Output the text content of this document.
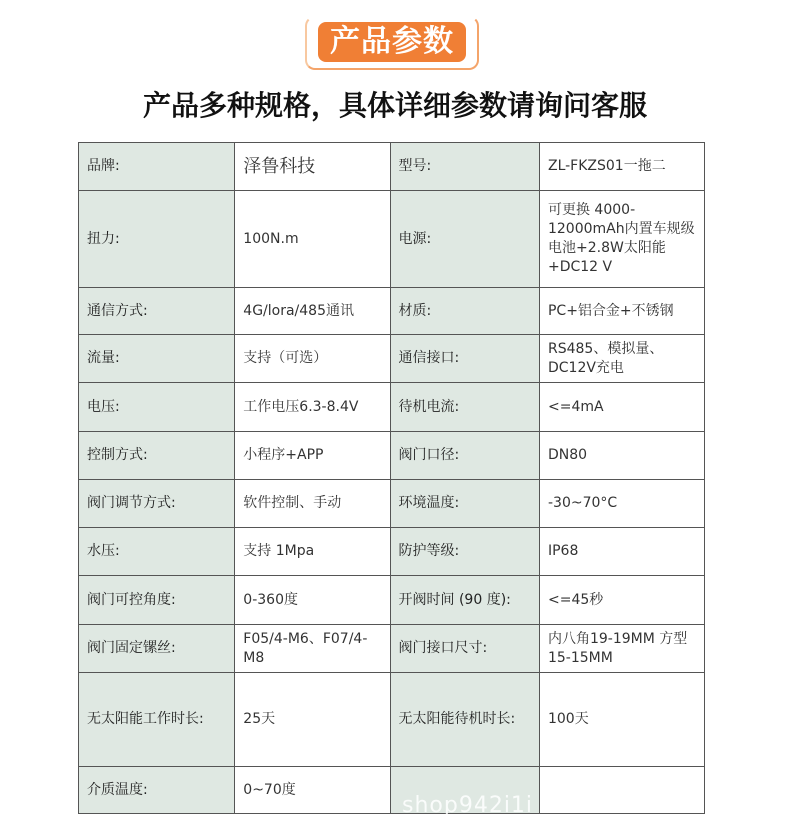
产品参数
产品多种规格，具体详细参数请询问客服
品牌:	泽鲁科技	型号:	ZL-FKZS01一拖二
扭力:	100N.m	电源:	可更换 4000-12000mAh内置车规级电池+2.8W太阳能+DC12 V
通信方式:	4G/lora/485通讯	材质:	PC+铝合金+不锈钢
流量:	支持（可选）	通信接口:	RS485、模拟量、DC12V充电
电压:	工作电压6.3-8.4V	待机电流:	<=4mA
控制方式:	小程序+APP	阀门口径:	DN80
阀门调节方式:	软件控制、手动	环境温度:	-30~70°C
水压:	支持 1Mpa	防护等级:	IP68
阀门可控角度:	0-360度	开阀时间 (90 度):	<=45秒
阀门固定镙丝:	F05/4-M6、F07/4-M8	阀门接口尺寸:	内八角19-19MM 方型15-15MM
无太阳能工作时长:	25天	无太阳能待机时长:	100天
介质温度:	0~70度		
shop942i1i
